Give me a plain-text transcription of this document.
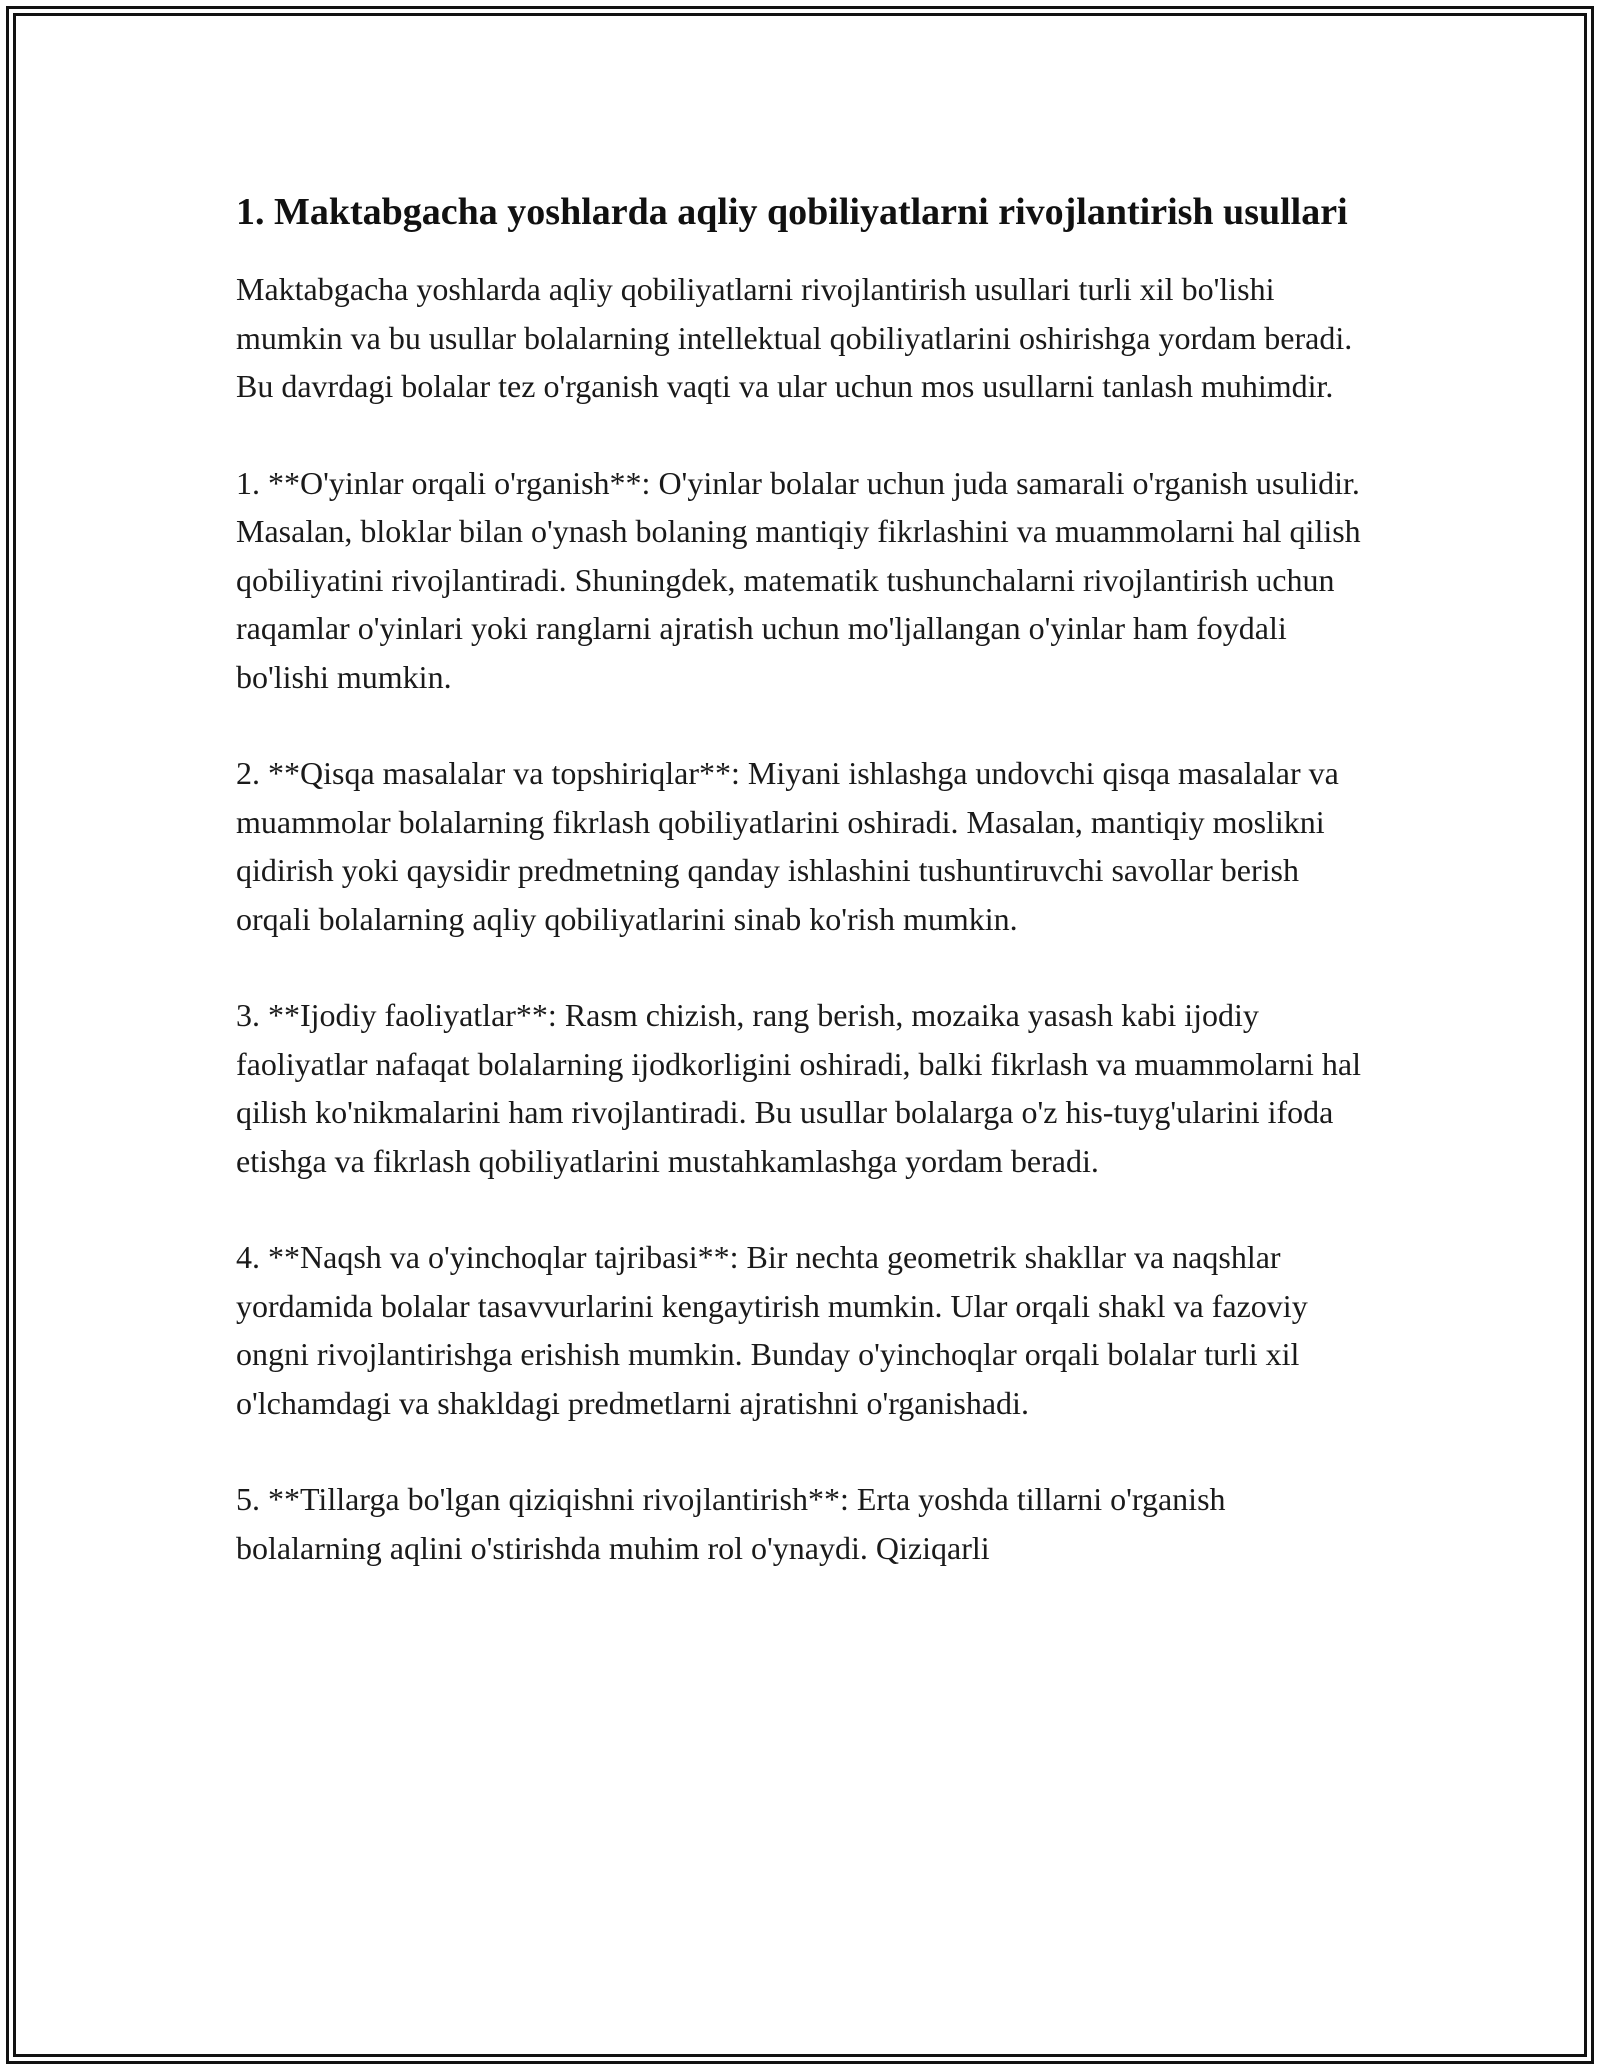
1. Maktabgacha yoshlarda aqliy qobiliyatlarni rivojlantirish usullari

Maktabgacha yoshlarda aqliy qobiliyatlarni rivojlantirish usullari turli xil bo'lishi mumkin va bu usullar bolalarning intellektual qobiliyatlarini oshirishga yordam beradi. Bu davrdagi bolalar tez o'rganish vaqti va ular uchun mos usullarni tanlash muhimdir.

1. **O'yinlar orqali o'rganish**: O'yinlar bolalar uchun juda samarali o'rganish usulidir. Masalan, bloklar bilan o'ynash bolaning mantiqiy fikrlashini va muammolarni hal qilish qobiliyatini rivojlantiradi. Shuningdek, matematik tushunchalarni rivojlantirish uchun raqamlar o'yinlari yoki ranglarni ajratish uchun mo'ljallangan o'yinlar ham foydali bo'lishi mumkin.

2. **Qisqa masalalar va topshiriqlar**: Miyani ishlashga undovchi qisqa masalalar va muammolar bolalarning fikrlash qobiliyatlarini oshiradi. Masalan, mantiqiy moslikni qidirish yoki qaysidir predmetning qanday ishlashini tushuntiruvchi savollar berish orqali bolalarning aqliy qobiliyatlarini sinab ko'rish mumkin.

3. **Ijodiy faoliyatlar**: Rasm chizish, rang berish, mozaika yasash kabi ijodiy faoliyatlar nafaqat bolalarning ijodkorligini oshiradi, balki fikrlash va muammolarni hal qilish ko'nikmalarini ham rivojlantiradi. Bu usullar bolalarga o'z his-tuyg'ularini ifoda etishga va fikrlash qobiliyatlarini mustahkamlashga yordam beradi.

4. **Naqsh va o'yinchoqlar tajribasi**: Bir nechta geometrik shakllar va naqshlar yordamida bolalar tasavvurlarini kengaytirish mumkin. Ular orqali shakl va fazoviy ongni rivojlantirishga erishish mumkin. Bunday o'yinchoqlar orqali bolalar turli xil o'lchamdagi va shakldagi predmetlarni ajratishni o'rganishadi.

5. **Tillarga bo'lgan qiziqishni rivojlantirish**: Erta yoshda tillarni o'rganish bolalarning aqlini o'stirishda muhim rol o'ynaydi. Qiziqarli
